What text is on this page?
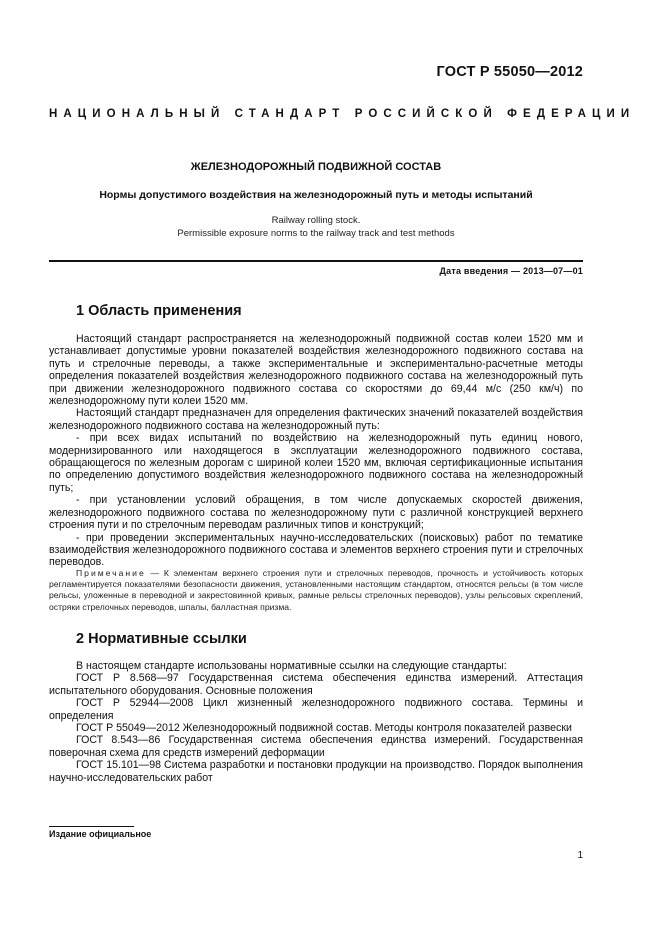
ГОСТ Р 55050—2012
НАЦИОНАЛЬНЫЙ СТАНДАРТ РОССИЙСКОЙ ФЕДЕРАЦИИ
ЖЕЛЕЗНОДОРОЖНЫЙ ПОДВИЖНОЙ СОСТАВ
Нормы допустимого воздействия на железнодорожный путь и методы испытаний
Railway rolling stock.
Permissible exposure norms to the railway track and test methods
Дата введения — 2013—07—01
1 Область применения

Настоящий стандарт распространяется на железнодорожный подвижной состав колеи 1520 мм и устанавливает допустимые уровни показателей воздействия железнодорожного подвижного состава на путь и стрелочные переводы, а также экспериментальные и экспериментально-расчетные методы определения показателей воздействия железнодорожного подвижного состава на железнодорожный путь при движении железнодорожного подвижного состава со скоростями до 69,44 м/с (250 км/ч) по железнодорожному пути колеи 1520 мм.

Настоящий стандарт предназначен для определения фактических значений показателей воздействия железнодорожного подвижного состава на железнодорожный путь:

- при всех видах испытаний по воздействию на железнодорожный путь единиц нового, модернизированного или находящегося в эксплуатации железнодорожного подвижного состава, обращающегося по железным дорогам с шириной колеи 1520 мм, включая сертификационные испытания по определению допустимого воздействия железнодорожного подвижного состава на железнодорожный путь;

- при установлении условий обращения, в том числе допускаемых скоростей движения, железнодорожного подвижного состава по железнодорожному пути с различной конструкцией верхнего строения пути и по стрелочным переводам различных типов и конструкций;

- при проведении экспериментальных научно-исследовательских (поисковых) работ по тематике взаимодействия железнодорожного подвижного состава и элементов верхнего строения пути и стрелочных переводов.

Примечание — К элементам верхнего строения пути и стрелочных переводов, прочность и устойчивость которых регламентируется показателями безопасности движения, установленными настоящим стандартом, относятся рельсы (в том числе рельсы, уложенные в переводной и закрестовинной кривых, рамные рельсы стрелочных переводов), узлы рельсовых скреплений, остряки стрелочных переводов, шпалы, балластная призма.

2 Нормативные ссылки

В настоящем стандарте использованы нормативные ссылки на следующие стандарты:

ГОСТ Р 8.568—97 Государственная система обеспечения единства измерений. Аттестация испытательного оборудования. Основные положения

ГОСТ Р 52944—2008 Цикл жизненный железнодорожного подвижного состава. Термины и определения

ГОСТ Р 55049—2012 Железнодорожный подвижной состав. Методы контроля показателей развески

ГОСТ 8.543—86 Государственная система обеспечения единства измерений. Государственная поверочная схема для средств измерений деформации

ГОСТ 15.101—98 Система разработки и постановки продукции на производство. Порядок выполнения научно-исследовательских работ

Издание официальное
1
